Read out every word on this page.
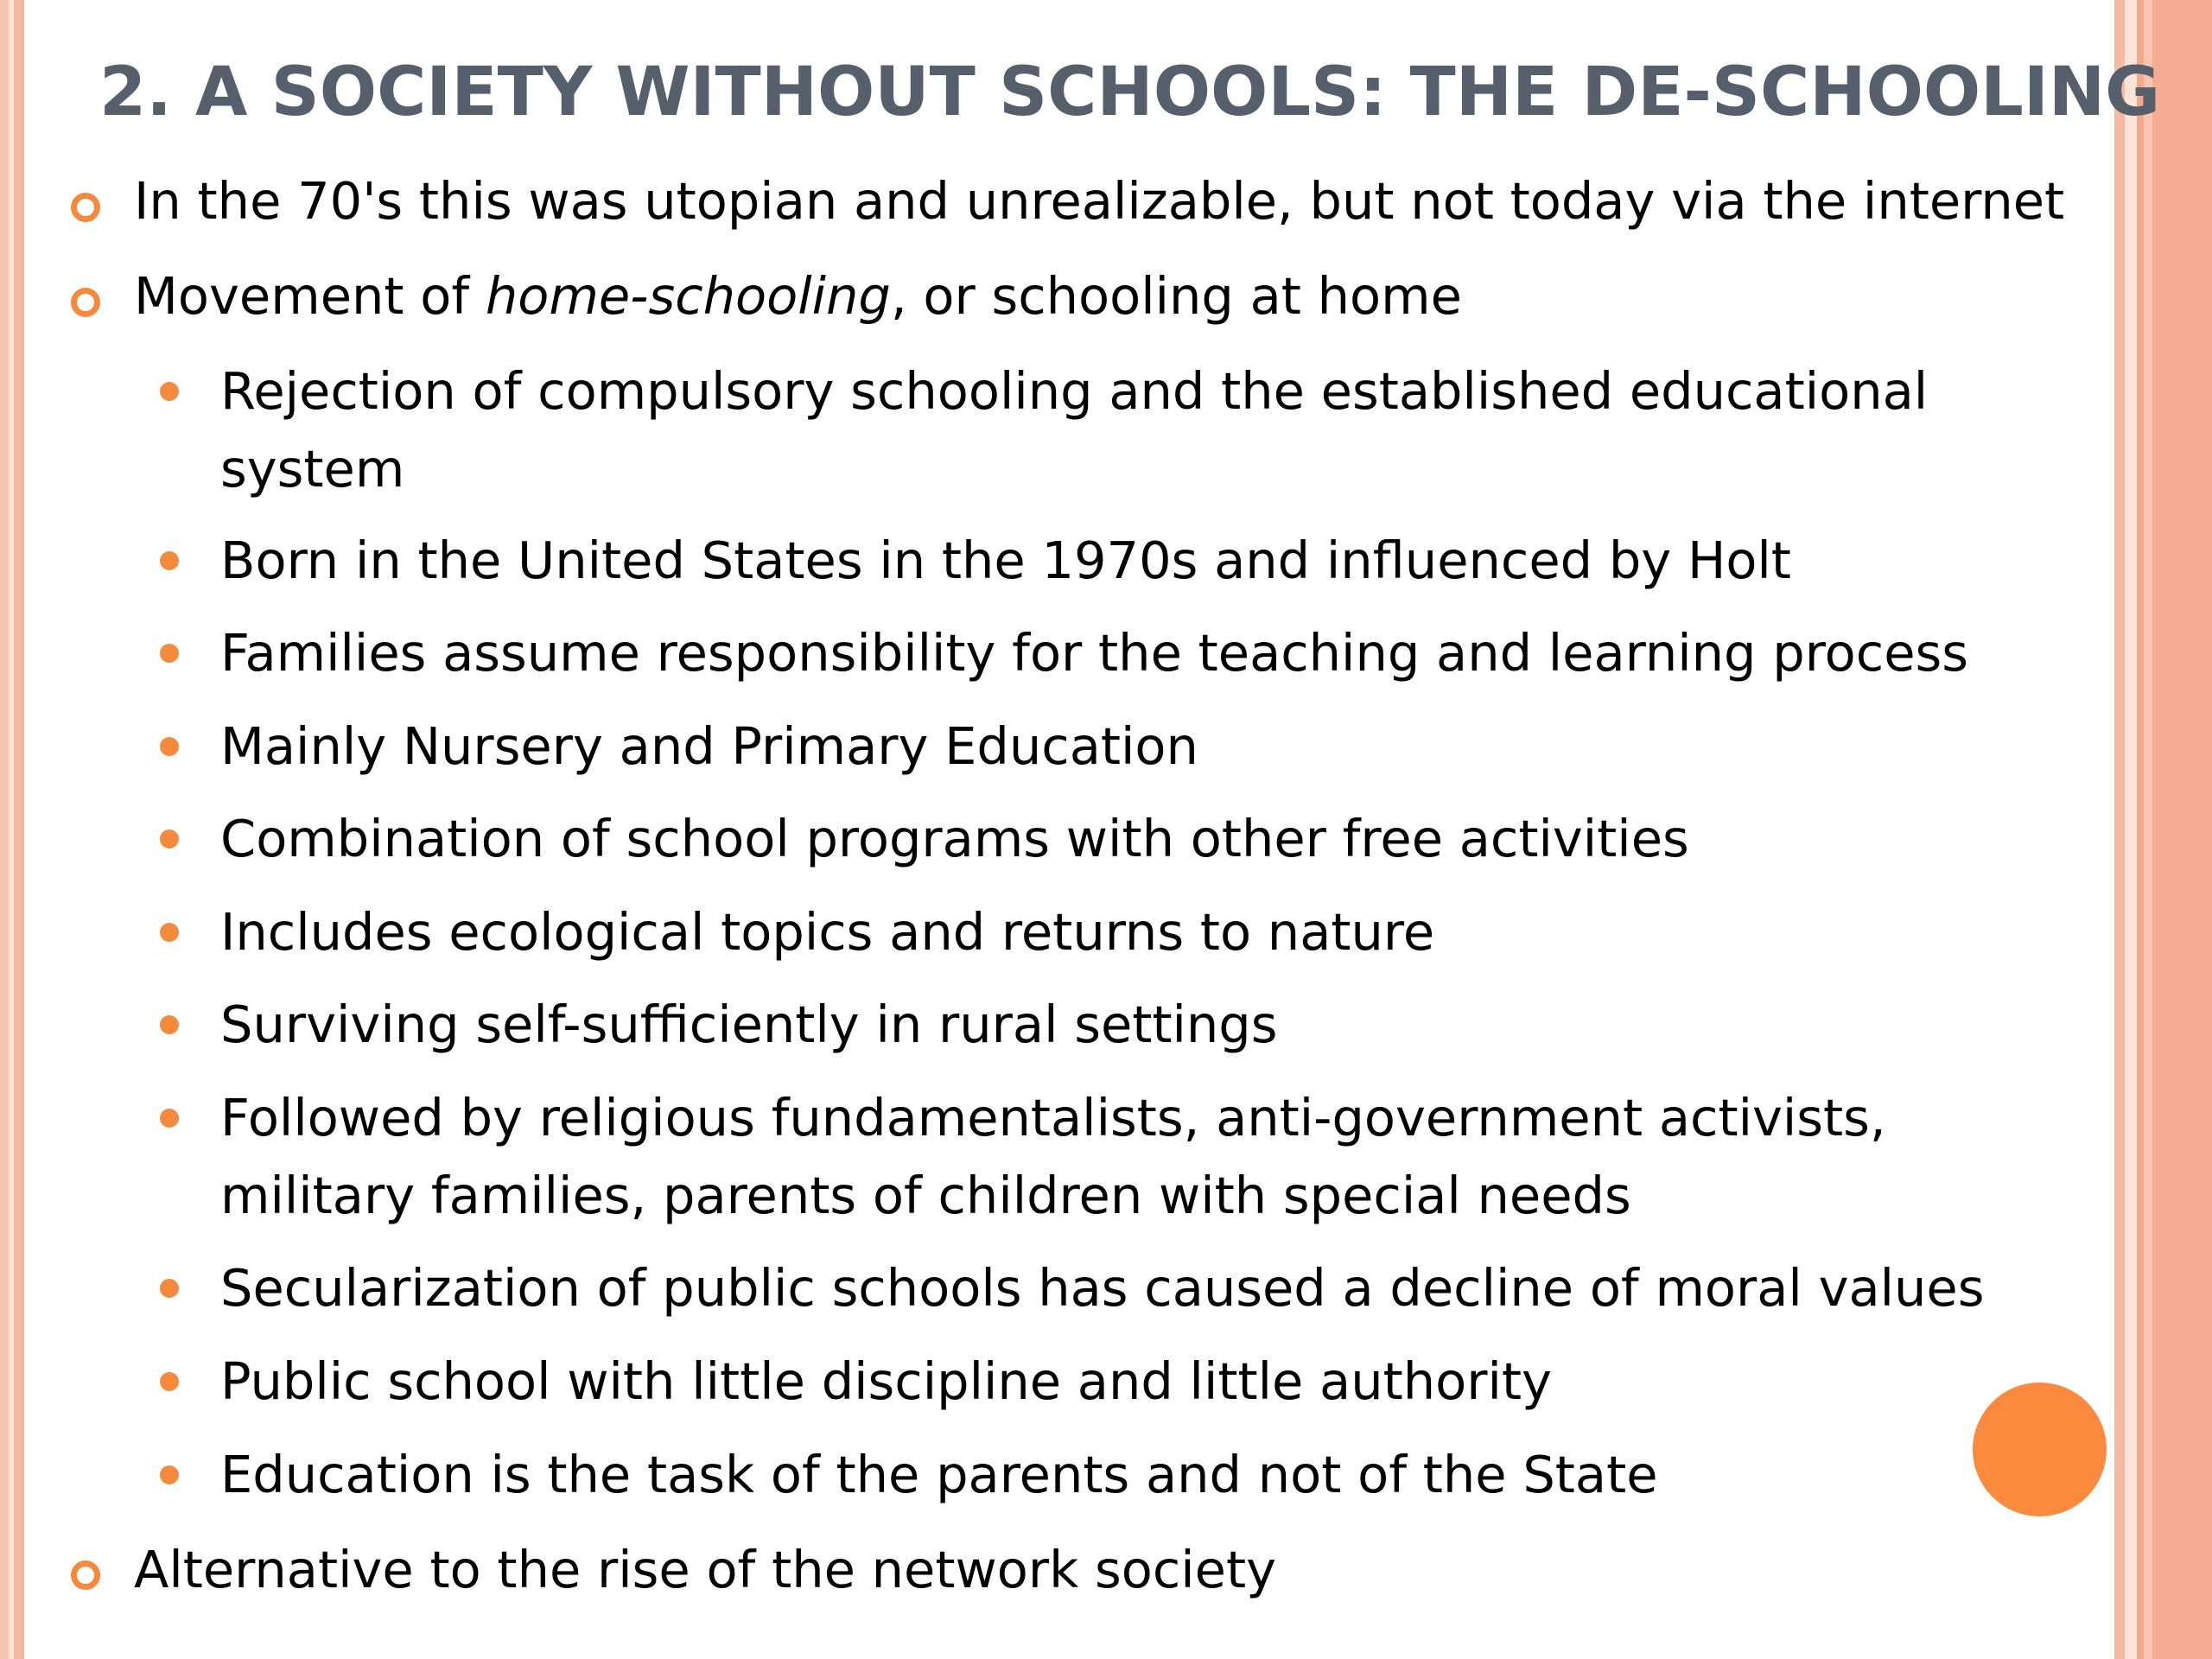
2. A SOCIETY WITHOUT SCHOOLS: THE DE-SCHOOLING
In the 70's this was utopian and unrealizable, but not today via the internet
Movement of home-schooling, or schooling at home
Rejection of compulsory schooling and the established educational system
Born in the United States in the 1970s and influenced by Holt
Families assume responsibility for the teaching and learning process
Mainly Nursery and Primary Education
Combination of school programs with other free activities
Includes ecological topics and returns to nature
Surviving self-sufficiently in rural settings
Followed by religious fundamentalists, anti-government activists, military families, parents of children with special needs
Secularization of public schools has caused a decline of moral values
Public school with little discipline and little authority
Education is the task of the parents and not of the State
Alternative to the rise of the network society
